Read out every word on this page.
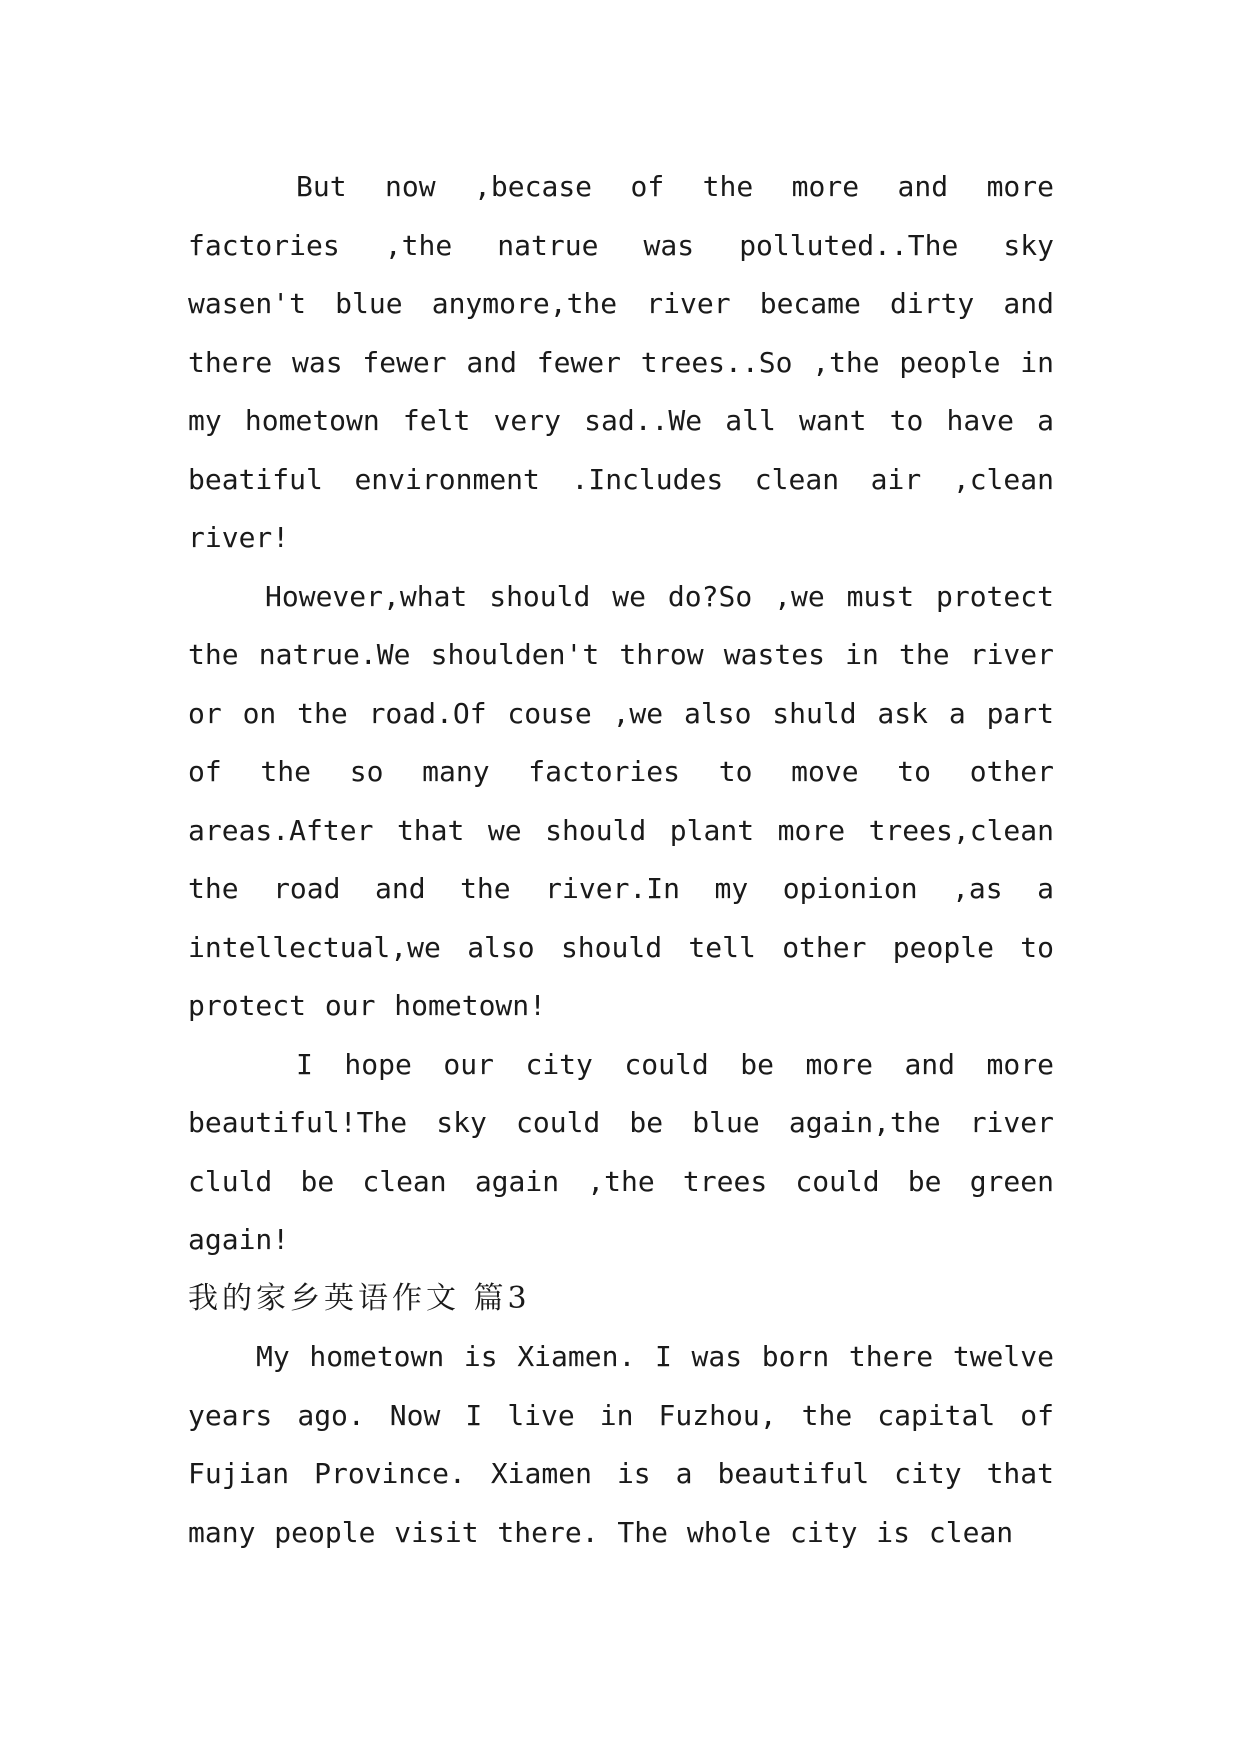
But now ,becase of the more and more factories ,the natrue was polluted..The sky wasen't blue anymore,the river became dirty and there was fewer and fewer trees..So ,the people in my hometown felt very sad..We all want to have a beatiful environment .Includes clean air ,clean river!

However,what should we do?So ,we must protect the natrue.We shoulden't throw wastes in the river or on the road.Of couse ,we also shuld ask a part of the so many factories to move to other areas.After that we should plant more trees,clean the road and the river.In my opionion ,as a intellectual,we also should tell other people to protect our hometown!

I hope our city could be more and more beautiful!The sky could be blue again,the river cluld be clean again ,the trees could be green again!

我的家乡英语作文 篇3

My hometown is Xiamen. I was born there twelve years ago. Now I live in Fuzhou, the capital of Fujian Province. Xiamen is a beautiful city that many people visit there. The whole city is clean
